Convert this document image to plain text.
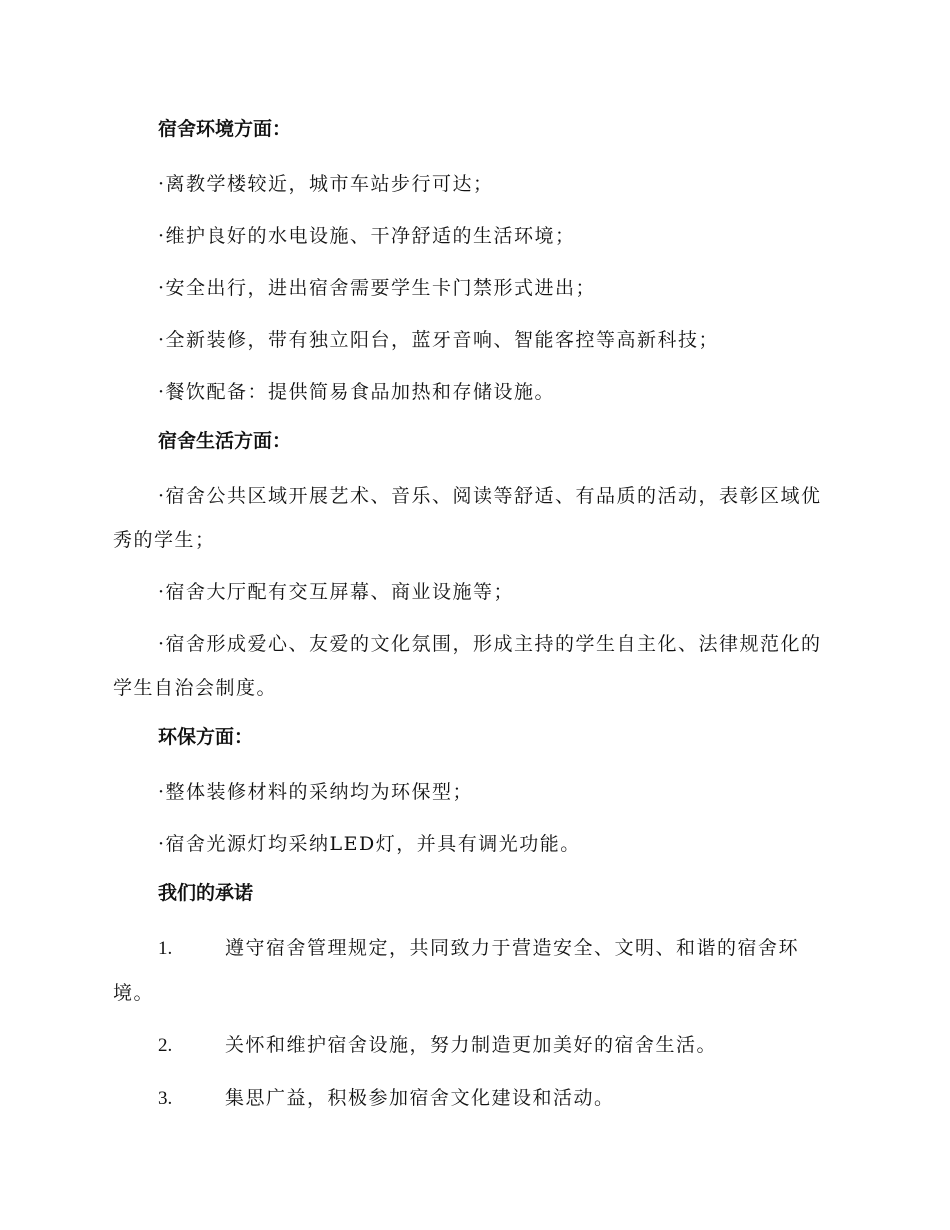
宿舍环境方面：

·离教学楼较近，城市车站步行可达；

·维护良好的水电设施、干净舒适的生活环境；

·安全出行，进出宿舍需要学生卡门禁形式进出；

·全新装修，带有独立阳台，蓝牙音响、智能客控等高新科技；

·餐饮配备：提供简易食品加热和存储设施。

宿舍生活方面：

·宿舍公共区域开展艺术、音乐、阅读等舒适、有品质的活动，表彰区域优秀的学生；

·宿舍大厅配有交互屏幕、商业设施等；

·宿舍形成爱心、友爱的文化氛围，形成主持的学生自主化、法律规范化的学生自治会制度。

环保方面：

·整体装修材料的采纳均为环保型；

·宿舍光源灯均采纳LED灯，并具有调光功能。

我们的承诺

1.	遵守宿舍管理规定，共同致力于营造安全、文明、和谐的宿舍环境。

2.	关怀和维护宿舍设施，努力制造更加美好的宿舍生活。

3.	集思广益，积极参加宿舍文化建设和活动。
